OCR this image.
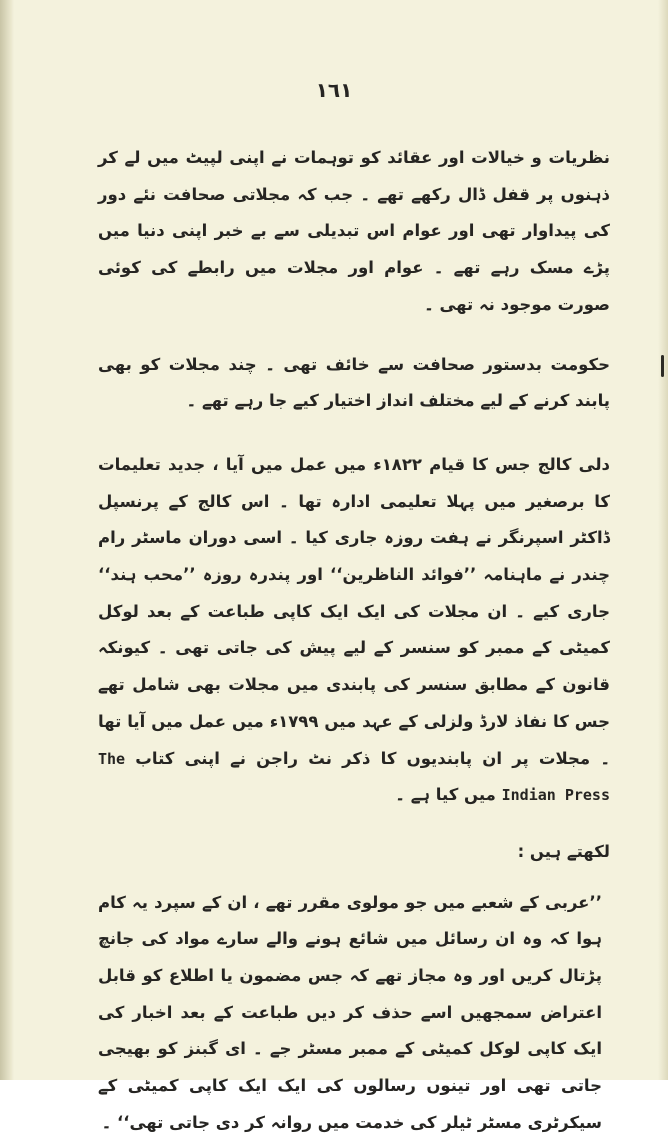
١٦١

نظریات و خیالات اور عقائد کو توہمات نے اپنی لپیٹ میں لے کر ذہنوں پر قفل ڈال رکھے تھے ۔ جب کہ مجلاتی صحافت نئے دور کی پیداوار تھی اور عوام اس تبدیلی سے بے خبر اپنی دنیا میں پڑے مسک رہے تھے ۔ عوام اور مجلات میں رابطے کی کوئی صورت موجود نہ تھی ۔

حکومت بدستور صحافت سے خائف تھی ۔ چند مجلات کو بھی پابند کرنے کے لیے مختلف انداز اختیار کیے جا رہے تھے ۔

دلی کالج جس کا قیام ۱۸۲۲ء میں عمل میں آیا ، جدید تعلیمات کا برصغیر میں پہلا تعلیمی ادارہ تھا ۔ اس کالج کے پرنسپل ڈاکٹر اسپرنگر نے ہفت روزہ جاری کیا ۔ اسی دوران ماسٹر رام چندر نے ماہنامہ ’’فوائد الناظرین‘‘ اور پندرہ روزہ ’’محب ہند‘‘ جاری کیے ۔ ان مجلات کی ایک ایک کاپی طباعت کے بعد لوکل کمیٹی کے ممبر کو سنسر کے لیے پیش کی جاتی تھی ۔ کیونکہ قانون کے مطابق سنسر کی پابندی میں مجلات بھی شامل تھے جس کا نفاذ لارڈ ولزلی کے عہد میں ۱۷۹۹ء میں عمل میں آیا تھا ۔ مجلات پر ان پابندیوں کا ذکر نٹ راجن نے اپنی کتاب The Indian Press میں کیا ہے ۔

لکھتے ہیں :

’’عربی کے شعبے میں جو مولوی مقرر تھے ، ان کے سپرد یہ کام ہوا کہ وہ ان رسائل میں شائع ہونے والے سارے مواد کی جانچ پڑتال کریں اور وہ مجاز تھے کہ جس مضمون یا اطلاع کو قابل اعتراض سمجھیں اسے حذف کر دیں طباعت کے بعد اخبار کی ایک کاپی لوکل کمیٹی کے ممبر مسٹر جے ۔ ای گبنز کو بھیجی جاتی تھی اور تینوں رسالوں کی ایک ایک کاپی کمیٹی کے سیکرٹری مسٹر ٹیلر کی خدمت میں روانہ کر دی جاتی تھی‘‘ ۔
